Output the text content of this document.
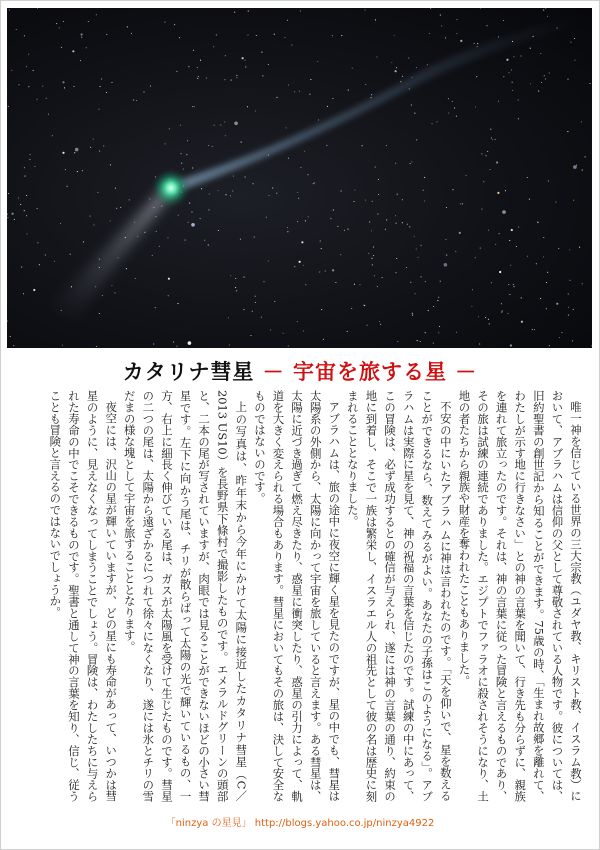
カタリナ彗星 － 宇宙を旅する星 －

唯一神を信じている世界の三大宗教（ユダヤ教、キリスト教、イスラム教）において、アブラハムは信仰の父として尊敬されている人物です。彼については、旧約聖書の創世記から知ることができます。75歳の時、「生まれ故郷を離れて、わたしが示す地に行きなさい」との神の言葉を聞いて、行き先も分らずに、親族を連れて旅立ったのです。それは、神の言葉に従った冒険と言えるものであり、その旅は試練の連続でありました。エジプトでファラオに殺されそうになり、土地の者たちから親族や財産を奪われたこともありました。

不安の中にいたアブラハムに神は言われたのです。「天を仰いで、星を数えることができるなら、数えてみるがよい。あなたの子孫はこのようになる」。アブラハムは実際に星を見て、神の祝福の言葉を信じたのです。試練の中にあって、この冒険は、必ず成功するとの確信が与えられ、遂には神の言葉の通り、約束の地に到着し、そこで一族は繁栄し、イスラエル人の祖先として彼の名は歴史に刻まれることとなりました。

アブラハムは、旅の途中に夜空に輝く星を見たのですが、星の中でも、彗星は太陽系の外側から、太陽に向かって宇宙を旅していると言えます。ある彗星は、太陽に近づき過ぎて燃え尽きたり、惑星に衝突したり、惑星の引力によって、軌道を大きく変えられる場合もあります。彗星においてもその旅は、決して安全なものではないのです。

上の写真は、昨年末から今年にかけて太陽に接近したカタリナ彗星（C／2013 US10）を長野県下條村で撮影したものです。エメラルドグリーンの頭部と、二本の尾が写されていますが、肉眼では見ることができないほどの小さい彗星です。左下に向かう尾は、チリが散らばって太陽の光で輝いているもの、一方、右上に細長く伸びている尾は、ガスが太陽風を受けて生じたものです。彗星の二つの尾は、太陽から遠ざかるにつれて徐々になくなり、遂には氷とチリの雪だまの様な塊として宇宙を旅することとなります。

夜空には、沢山の星が輝いていますが、どの星にも寿命があって、いつかは彗星のように、見えなくなってしまうことでしょう。冒険は、わたしたちに与えられた寿命の中でこそできるものです。聖書と通して神の言葉を知り、信じ、従うことも冒険と言えるのではないでしょうか。

「ninzya の星見」 http://blogs.yahoo.co.jp/ninzya4922
